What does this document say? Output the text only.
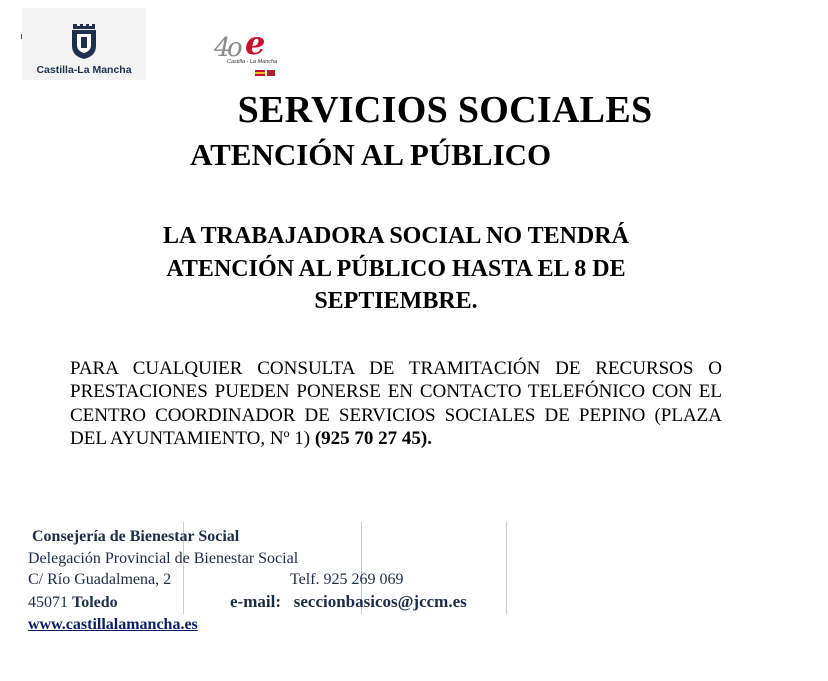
Castilla-La Mancha
4
o e
Castilla - La Mancha
SERVICIOS SOCIALES
ATENCIÓN AL PÚBLICO
LA TRABAJADORA SOCIAL NO TENDRÁ
ATENCIÓN AL PÚBLICO HASTA EL 8 DE
SEPTIEMBRE.
PARA CUALQUIER CONSULTA DE TRAMITACIÓN DE RECURSOS O PRESTACIONES PUEDEN PONERSE EN CONTACTO TELEFÓNICO CON EL CENTRO COORDINADOR DE SERVICIOS SOCIALES DE PEPINO (PLAZA DEL AYUNTAMIENTO, Nº 1) (925 70 27 45).
Consejería de Bienestar Social
Delegación Provincial de Bienestar Social
C/ Río Guadalmena, 2	Telf. 925 269 069
45071 Toledo	e-mail: seccionbasicos@jccm.es
www.castillalamancha.es
